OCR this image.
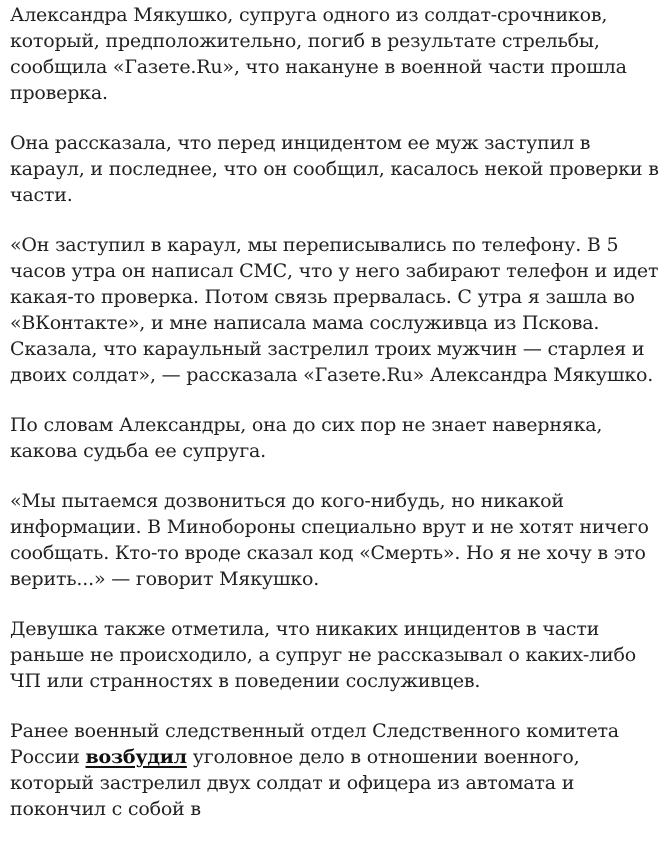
Александра Мякушко, супруга одного из солдат-срочников, который, предположительно, погиб в результате стрельбы, сообщила «Газете.Ru», что накануне в военной части прошла проверка.

Она рассказала, что перед инцидентом ее муж заступил в караул, и последнее, что он сообщил, касалось некой проверки в части.

«Он заступил в караул, мы переписывались по телефону. В 5 часов утра он написал СМС, что у него забирают телефон и идет какая-то проверка. Потом связь прервалась. С утра я зашла во «ВКонтакте», и мне написала мама сослуживца из Пскова. Сказала, что караульный застрелил троих мужчин — старлея и двоих солдат», — рассказала «Газете.Ru» Александра Мякушко.

По словам Александры, она до сих пор не знает наверняка, какова судьба ее супруга.

«Мы пытаемся дозвониться до кого-нибудь, но никакой информации. В Минобороны специально врут и не хотят ничего сообщать. Кто-то вроде сказал код «Смерть». Но я не хочу в это верить...» — говорит Мякушко.

Девушка также отметила, что никаких инцидентов в части раньше не происходило, а супруг не рассказывал о каких-либо ЧП или странностях в поведении сослуживцев.

Ранее военный следственный отдел Следственного комитета России возбудил уголовное дело в отношении военного, который застрелил двух солдат и офицера из автомата и покончил с собой в
